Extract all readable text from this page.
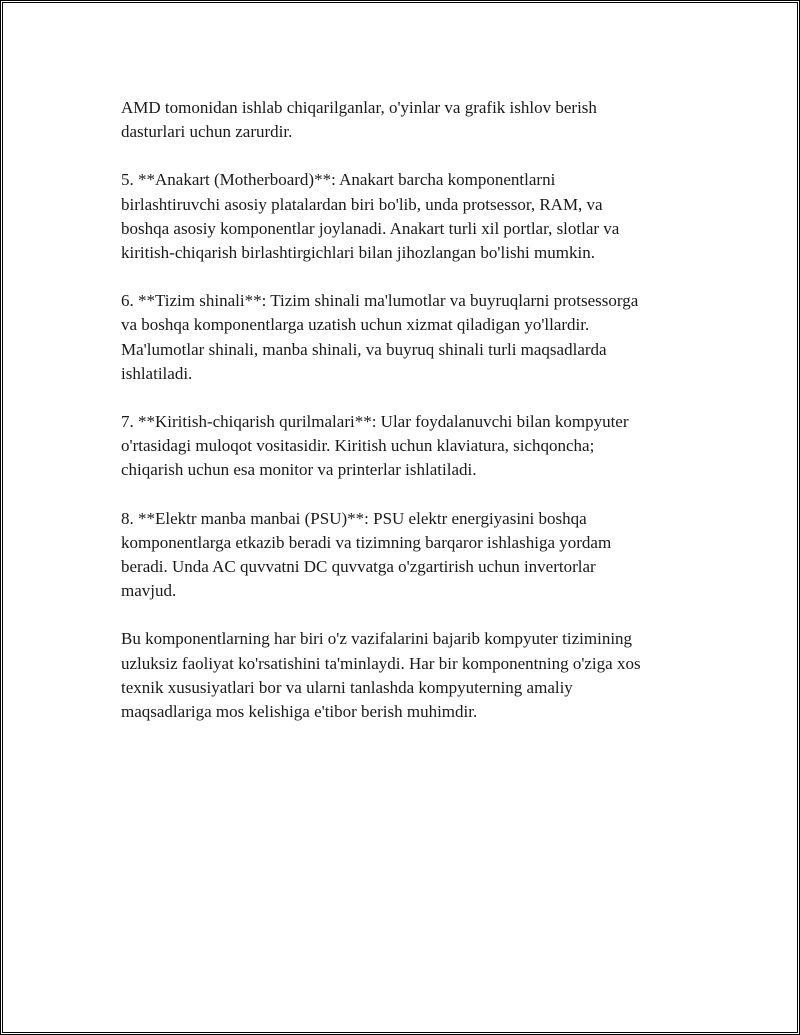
AMD tomonidan ishlab chiqarilganlar, o'yinlar va grafik ishlov berish
dasturlari uchun zarurdir.

5. **Anakart (Motherboard)**: Anakart barcha komponentlarni
birlashtiruvchi asosiy platalardan biri bo'lib, unda protsessor, RAM, va
boshqa asosiy komponentlar joylanadi. Anakart turli xil portlar, slotlar va
kiritish-chiqarish birlashtirgichlari bilan jihozlangan bo'lishi mumkin.

6. **Tizim shinali**: Tizim shinali ma'lumotlar va buyruqlarni protsessorga
va boshqa komponentlarga uzatish uchun xizmat qiladigan yo'llardir.
Ma'lumotlar shinali, manba shinali, va buyruq shinali turli maqsadlarda
ishlatiladi.

7. **Kiritish-chiqarish qurilmalari**: Ular foydalanuvchi bilan kompyuter
o'rtasidagi muloqot vositasidir. Kiritish uchun klaviatura, sichqoncha;
chiqarish uchun esa monitor va printerlar ishlatiladi.

8. **Elektr manba manbai (PSU)**: PSU elektr energiyasini boshqa
komponentlarga etkazib beradi va tizimning barqaror ishlashiga yordam
beradi. Unda AC quvvatni DC quvvatga o'zgartirish uchun invertorlar
mavjud.

Bu komponentlarning har biri o'z vazifalarini bajarib kompyuter tizimining
uzluksiz faoliyat ko'rsatishini ta'minlaydi. Har bir komponentning o'ziga xos
texnik xususiyatlari bor va ularni tanlashda kompyuterning amaliy
maqsadlariga mos kelishiga e'tibor berish muhimdir.
